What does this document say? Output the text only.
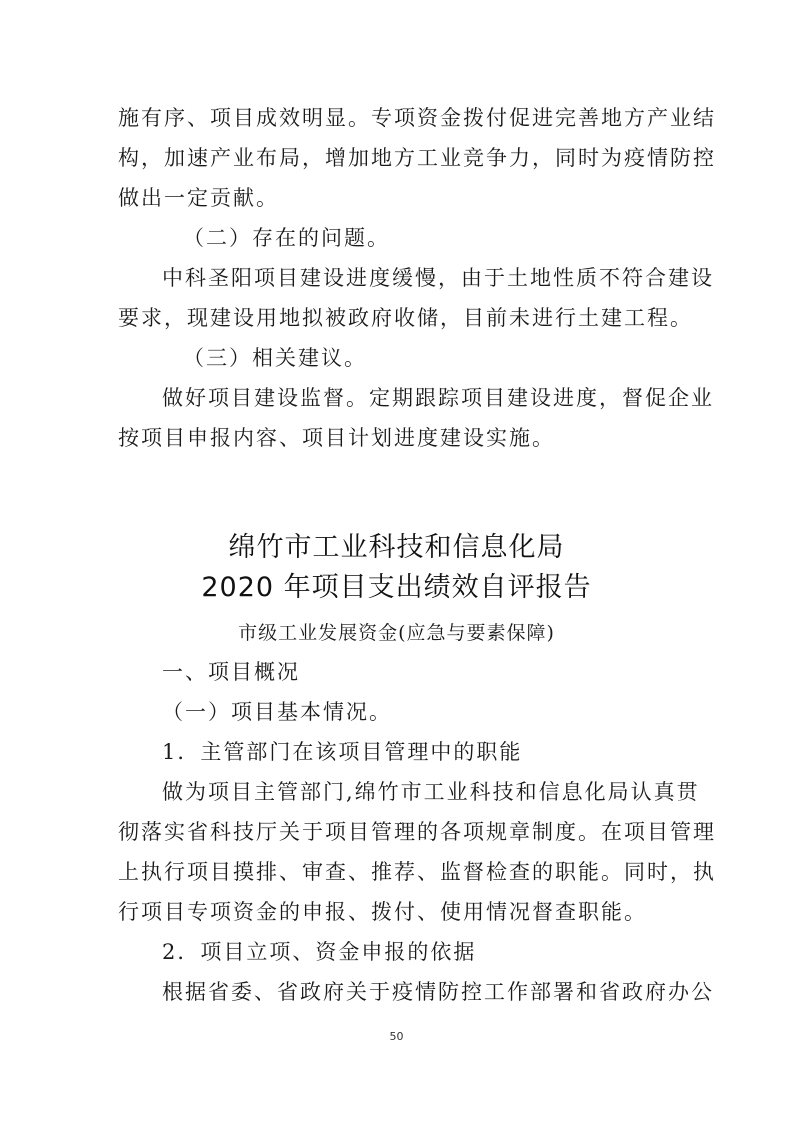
施有序、项目成效明显。专项资金拨付促进完善地方产业结
构，加速产业布局，增加地方工业竞争力，同时为疫情防控
做出一定贡献。
（二）存在的问题。
中科圣阳项目建设进度缓慢，由于土地性质不符合建设
要求，现建设用地拟被政府收储，目前未进行土建工程。
（三）相关建议。
做好项目建设监督。定期跟踪项目建设进度，督促企业
按项目申报内容、项目计划进度建设实施。
绵竹市工业科技和信息化局
2020 年项目支出绩效自评报告
市级工业发展资金(应急与要素保障)
一、项目概况
（一）项目基本情况。
1．主管部门在该项目管理中的职能
做为项目主管部门,绵竹市工业科技和信息化局认真贯
彻落实省科技厅关于项目管理的各项规章制度。在项目管理
上执行项目摸排、审查、推荐、监督检查的职能。同时，执
行项目专项资金的申报、拨付、使用情况督查职能。
2．项目立项、资金申报的依据
根据省委、省政府关于疫情防控工作部署和省政府办公
50
